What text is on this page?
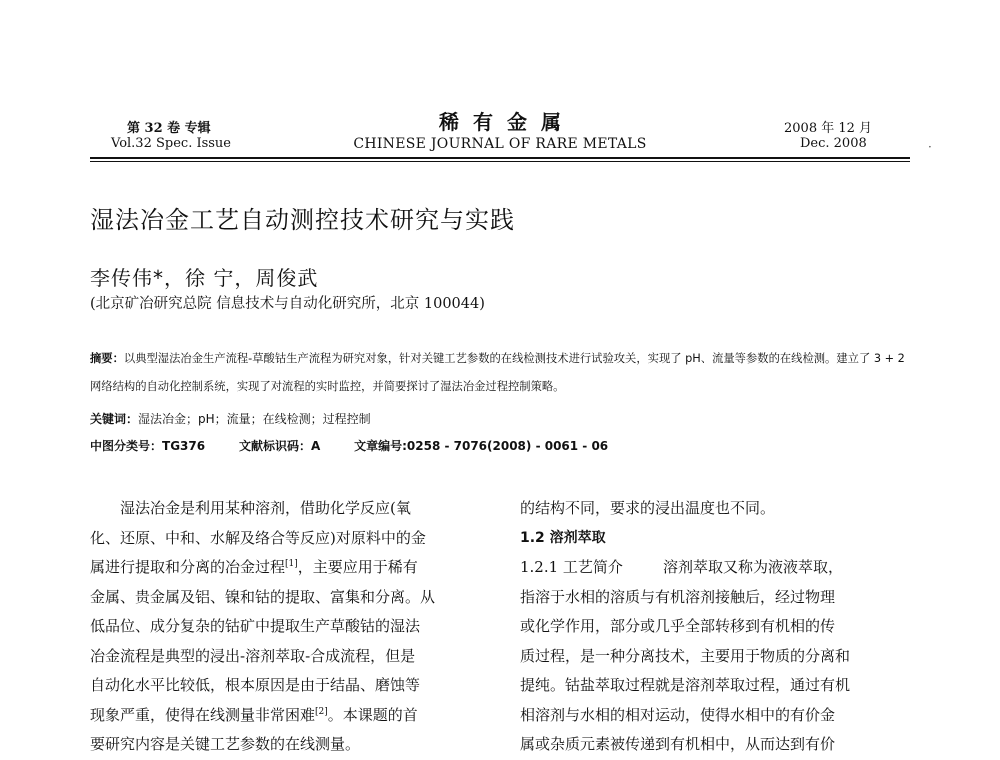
第 32 卷 专辑
Vol.32 Spec. Issue
稀有金属
CHINESE JOURNAL OF RARE METALS
2008 年 12 月
Dec. 2008	·
湿法冶金工艺自动测控技术研究与实践
李传伟*，徐 宁，周俊武
(北京矿冶研究总院 信息技术与自动化研究所，北京 100044)
摘要：以典型湿法冶金生产流程-草酸钴生产流程为研究对象，针对关键工艺参数的在线检测技术进行试验攻关，实现了 pH、流量等参数的在线检测。建立了 3 + 2 网络结构的自动化控制系统，实现了对流程的实时监控，并简要探讨了湿法冶金过程控制策略。
关键词：湿法冶金；pH；流量；在线检测；过程控制
中图分类号：TG376	文献标识码：A	文章编号:0258 - 7076(2008) - 0061 - 06
湿法冶金是利用某种溶剂，借助化学反应(氧
化、还原、中和、水解及络合等反应)对原料中的金
属进行提取和分离的冶金过程[1]，主要应用于稀有
金属、贵金属及铝、镍和钴的提取、富集和分离。从
低品位、成分复杂的钴矿中提取生产草酸钴的湿法
冶金流程是典型的浸出-溶剂萃取-合成流程，但是
自动化水平比较低，根本原因是由于结晶、磨蚀等
现象严重，使得在线测量非常困难[2]。本课题的首
要研究内容是关键工艺参数的在线测量。
的结构不同，要求的浸出温度也不同。
1.2 溶剂萃取
1.2.1 工艺简介	溶剂萃取又称为液液萃取，
指溶于水相的溶质与有机溶剂接触后，经过物理
或化学作用，部分或几乎全部转移到有机相的传
质过程，是一种分离技术，主要用于物质的分离和
提纯。钴盐萃取过程就是溶剂萃取过程，通过有机
相溶剂与水相的相对运动，使得水相中的有价金
属或杂质元素被传递到有机相中，从而达到有价
